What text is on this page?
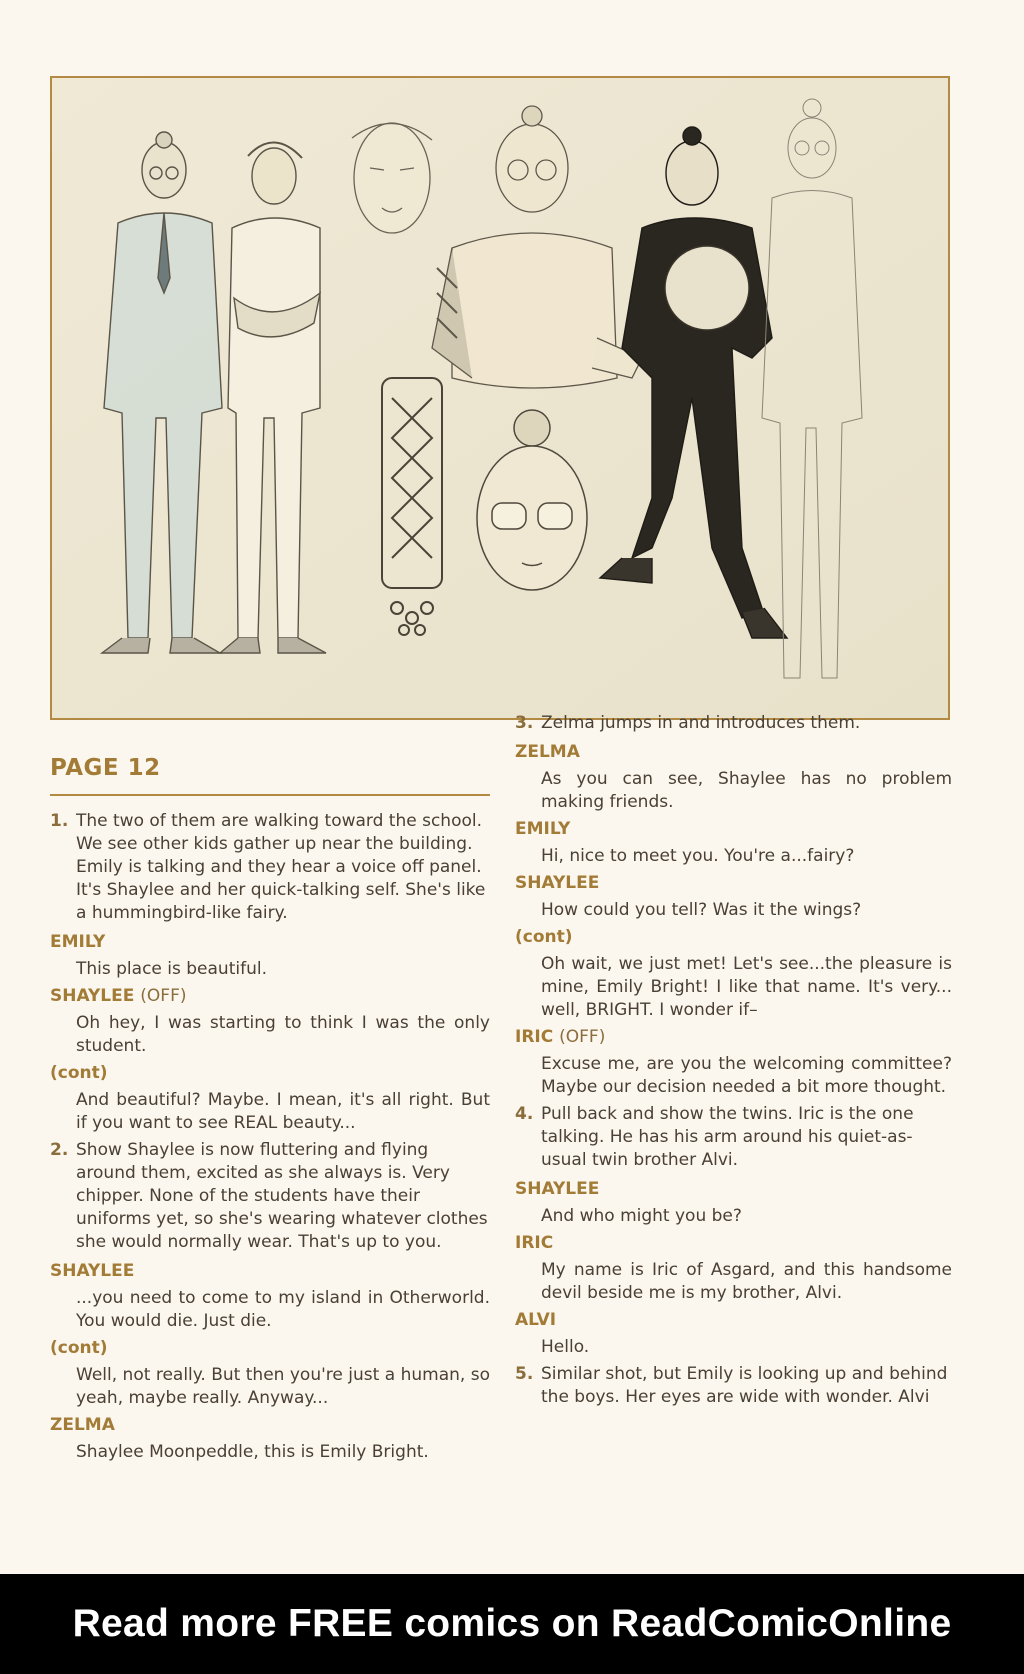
PAGE 12
1. The two of them are walking toward the school. We see other kids gather up near the building. Emily is talking and they hear a voice off panel. It's Shaylee and her quick-talking self. She's like a hummingbird-like fairy.
EMILY
This place is beautiful.
SHAYLEE (OFF)
Oh hey, I was starting to think I was the only student.
(cont)
And beautiful? Maybe. I mean, it's all right. But if you want to see REAL beauty...
2. Show Shaylee is now fluttering and flying around them, excited as she always is. Very chipper. None of the students have their uniforms yet, so she's wearing whatever clothes she would normally wear. That's up to you.
SHAYLEE
...you need to come to my island in Otherworld. You would die. Just die.
(cont)
Well, not really. But then you're just a human, so yeah, maybe really. Anyway...
ZELMA
Shaylee Moonpeddle, this is Emily Bright.
3. Zelma jumps in and introduces them.
ZELMA
As you can see, Shaylee has no problem making friends.
EMILY
Hi, nice to meet you. You're a...fairy?
SHAYLEE
How could you tell? Was it the wings?
(cont)
Oh wait, we just met! Let's see...the pleasure is mine, Emily Bright! I like that name. It's very... well, BRIGHT. I wonder if–
IRIC (OFF)
Excuse me, are you the welcoming committee? Maybe our decision needed a bit more thought.
4. Pull back and show the twins. Iric is the one talking. He has his arm around his quiet-as-usual twin brother Alvi.
SHAYLEE
And who might you be?
IRIC
My name is Iric of Asgard, and this handsome devil beside me is my brother, Alvi.
ALVI
Hello.
5. Similar shot, but Emily is looking up and behind the boys. Her eyes are wide with wonder. Alvi
Read more FREE comics on ReadComicOnline
